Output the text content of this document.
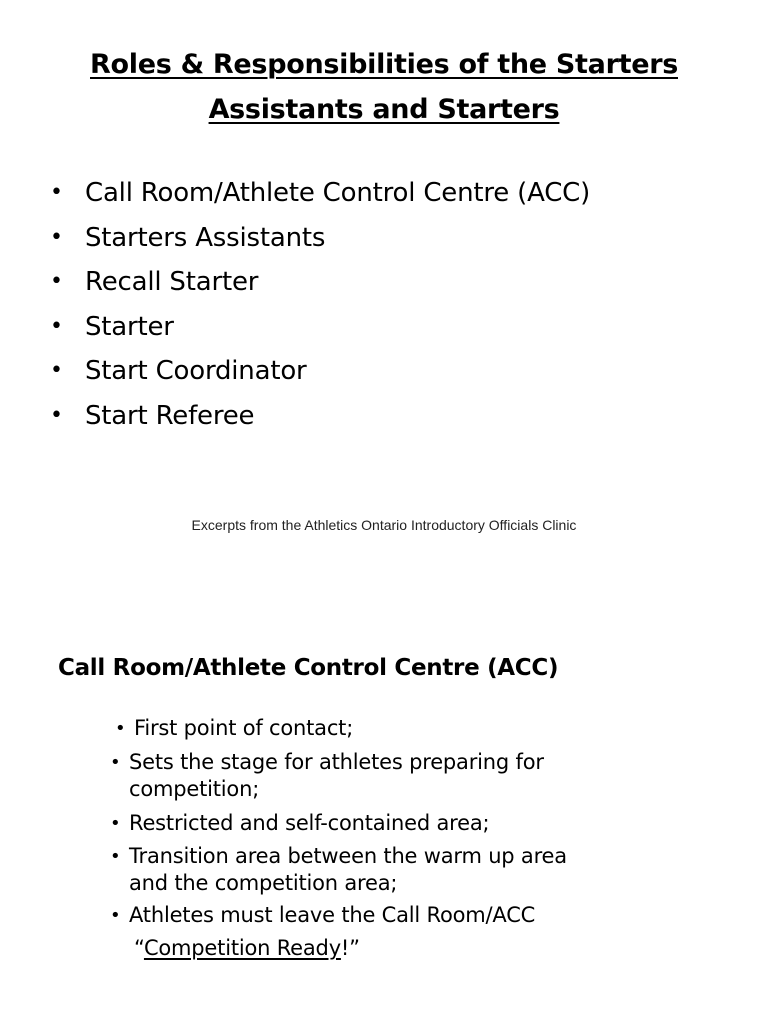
Roles & Responsibilities of the Starters
Assistants and Starters
• Call Room/Athlete Control Centre (ACC)
• Starters Assistants
• Recall Starter
• Starter
• Start Coordinator
• Start Referee
Excerpts from the Athletics Ontario Introductory Officials Clinic
Call Room/Athlete Control Centre (ACC)
• First point of contact;
• Sets the stage for athletes preparing for
competition;
• Restricted and self-contained area;
• Transition area between the warm up area
and the competition area;
• Athletes must leave the Call Room/ACC
“Competition Ready!”
